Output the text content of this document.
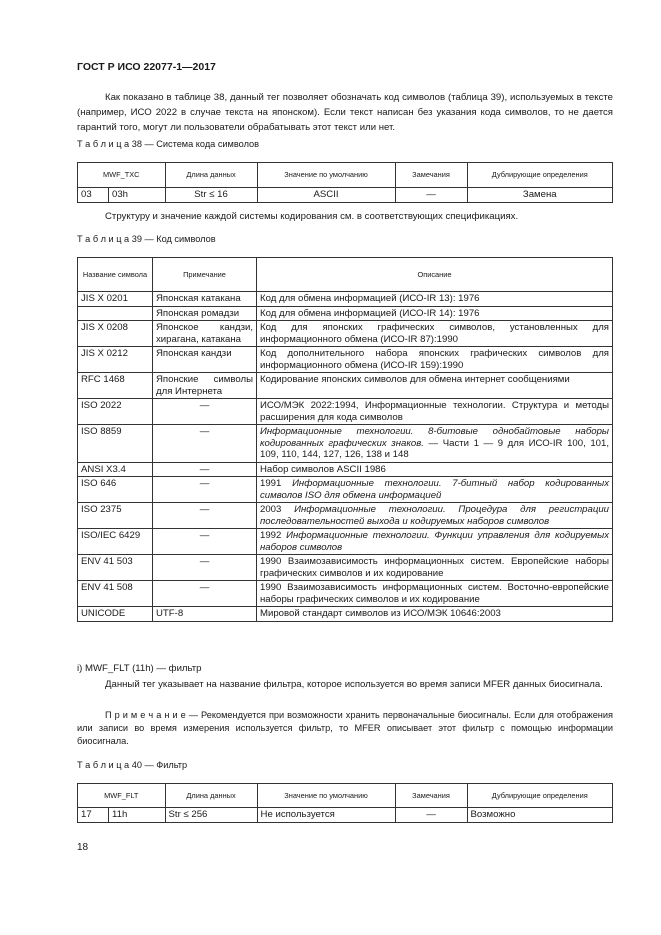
ГОСТ Р ИСО 22077-1—2017
Как показано в таблице 38, данный тег позволяет обозначать код символов (таблица 39), используемых в тексте (например, ИСО 2022 в случае текста на японском). Если текст написан без указания кода символов, то не дается гарантий того, могут ли пользователи обрабатывать этот текст или нет.
Т а б л и ц а 38 — Система кода символов
MWF_TXC		Длина данных	Значение по умолчанию	Замечания	Дублирующие определения
03	03h	Str ≤ 16	ASCII	—	Замена
Структуру и значение каждой системы кодирования см. в соответствующих спецификациях.
Т а б л и ц а 39 — Код символов
Название символа	Примечание	Описание
JIS X 0201	Японская катакана	Код для обмена информацией (ИСО-IR 13): 1976
	Японская ромадзи	Код для обмена информацией (ИСО-IR 14): 1976
JIS X 0208	Японское кандзи, хирагана, катакана	Код для японских графических символов, установленных для информационного обмена (ИСО-IR 87):1990
JIS X 0212	Японская кандзи	Код дополнительного набора японских графических символов для информационного обмена (ИСО-IR 159):1990
RFC 1468	Японские символы для Интернета	Кодирование японских символов для обмена интернет сообщениями
ISO 2022	—	ИСО/МЭК 2022:1994, Информационные технологии. Структура и методы расширения для кода символов
ISO 8859	—	Информационные технологии. 8-битовые однобайтовые наборы кодированных графических знаков. — Части 1 — 9 для ИСО-IR 100, 101, 109, 110, 144, 127, 126, 138 и 148
ANSI X3.4	—	Набор символов ASCII 1986
ISO 646	—	1991 Информационные технологии. 7-битный набор кодированных символов ISO для обмена информацией
ISO 2375	—	2003 Информационные технологии. Процедура для регистрации последовательностей выхода и кодируемых наборов символов
ISO/IEC 6429	—	1992 Информационные технологии. Функции управления для кодируемых наборов символов
ENV 41 503	—	1990 Взаимозависимость информационных систем. Европейские наборы графических символов и их кодирование
ENV 41 508	—	1990 Взаимозависимость информационных систем. Восточно-европейские наборы графических символов и их кодирование
UNICODE	UTF-8	Мировой стандарт символов из ИСО/МЭК 10646:2003
i) MWF_FLT (11h) — фильтр
Данный тег указывает на название фильтра, которое используется во время записи MFER данных биосигнала.
П р и м е ч а н и е — Рекомендуется при возможности хранить первоначальные биосигналы. Если для отображения или записи во время измерения используется фильтр, то MFER описывает этот фильтр с помощью информации биосигнала.
Т а б л и ц а 40 — Фильтр
MWF_FLT		Длина данных	Значение по умолчанию	Замечания	Дублирующие определения
17	11h	Str ≤ 256	Не используется	—	Возможно
18
